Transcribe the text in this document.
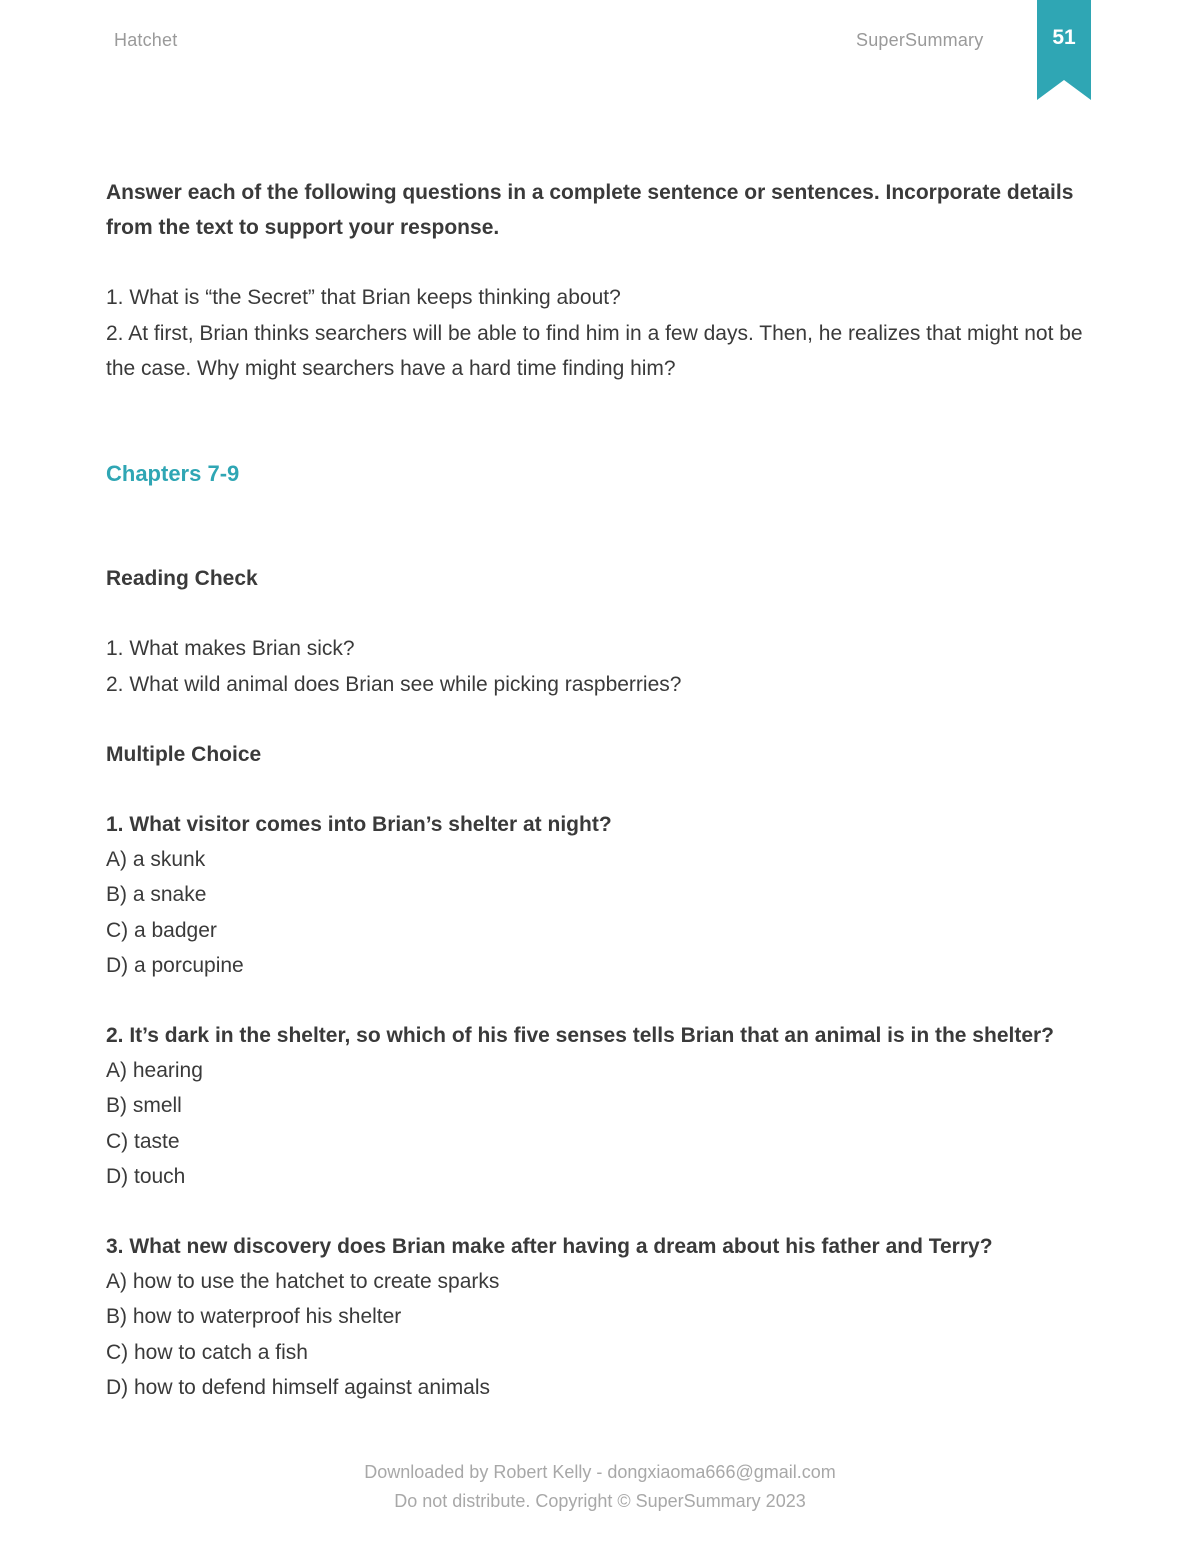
Hatchet	SuperSummary	51

Answer each of the following questions in a complete sentence or sentences. Incorporate details from the text to support your response.

1. What is “the Secret” that Brian keeps thinking about?

2. At first, Brian thinks searchers will be able to find him in a few days. Then, he realizes that might not be the case. Why might searchers have a hard time finding him?

Chapters 7-9

Reading Check

1. What makes Brian sick?

2. What wild animal does Brian see while picking raspberries?

Multiple Choice

1. What visitor comes into Brian’s shelter at night?

A) a skunk

B) a snake

C) a badger

D) a porcupine

2. It’s dark in the shelter, so which of his five senses tells Brian that an animal is in the shelter?

A) hearing

B) smell

C) taste

D) touch

3. What new discovery does Brian make after having a dream about his father and Terry?

A) how to use the hatchet to create sparks

B) how to waterproof his shelter

C) how to catch a fish

D) how to defend himself against animals

Downloaded by Robert Kelly - dongxiaoma666@gmail.com
Do not distribute. Copyright © SuperSummary 2023
